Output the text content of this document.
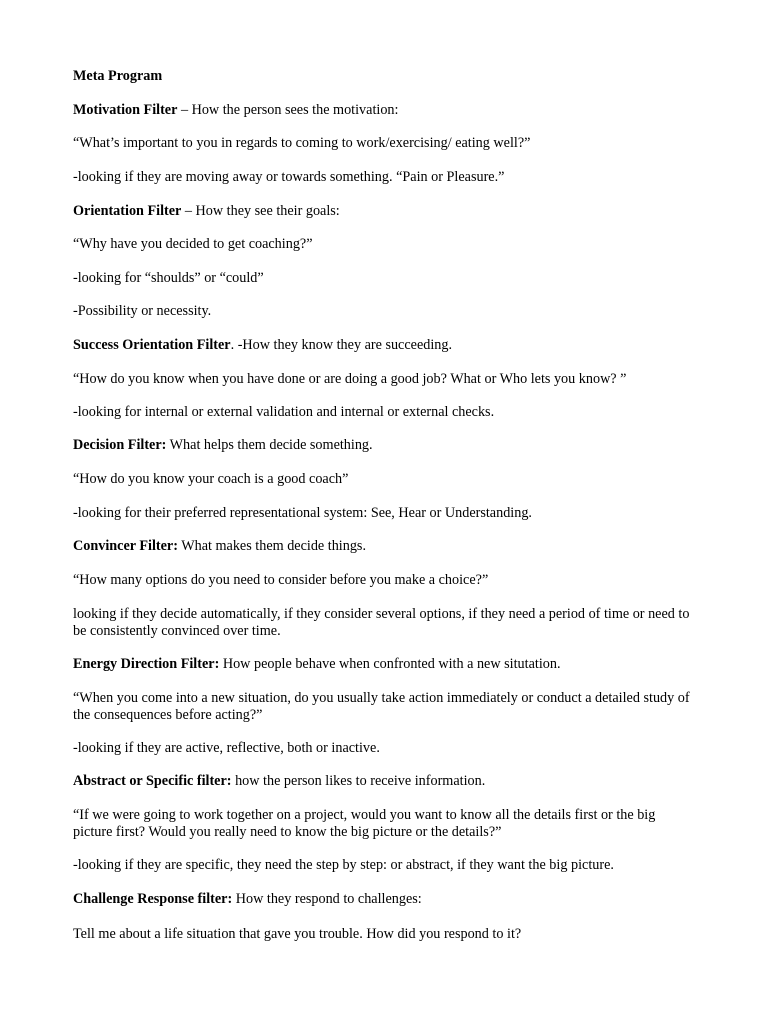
Meta Program

Motivation Filter – How the person sees the motivation:

“What’s important to you in regards to coming to work/exercising/ eating well?”

-looking if they are moving away or towards something. “Pain or Pleasure.”

Orientation Filter – How they see their goals:

“Why have you decided to get coaching?”

-looking for “shoulds” or “could”

-Possibility or necessity.

Success Orientation Filter. -How they know they are succeeding.

“How do you know when you have done or are doing a good job? What or Who lets you know? ”

-looking for internal or external validation and internal or external checks.

Decision Filter: What helps them decide something.

“How do you know your coach is a good coach”

-looking for their preferred representational system: See, Hear or Understanding.

Convincer Filter: What makes them decide things.

“How many options do you need to consider before you make a choice?”

looking if they decide automatically, if they consider several options, if they need a period of time or need to be consistently convinced over time.

Energy Direction Filter: How people behave when confronted with a new situtation.

“When you come into a new situation, do you usually take action immediately or conduct a detailed study of the consequences before acting?”

-looking if they are active, reflective, both or inactive.

Abstract or Specific filter: how the person likes to receive information.

“If we were going to work together on a project, would you want to know all the details first or the big picture first? Would you really need to know the big picture or the details?”

-looking if they are specific, they need the step by step: or abstract, if they want the big picture.

Challenge Response filter: How they respond to challenges:

Tell me about a life situation that gave you trouble. How did you respond to it?
